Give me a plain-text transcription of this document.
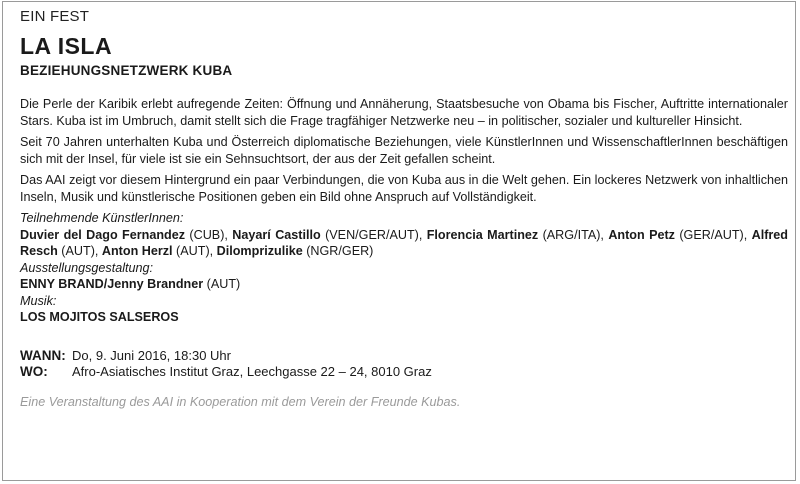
EIN FEST

LA ISLA
BEZIEHUNGSNETZWERK KUBA

Die Perle der Karibik erlebt aufregende Zeiten: Öffnung und Annäherung, Staatsbesuche von Obama bis Fischer, Auftritte internationaler Stars. Kuba ist im Umbruch, damit stellt sich die Frage tragfähiger Netzwerke neu – in politischer, sozialer und kultureller Hinsicht.

Seit 70 Jahren unterhalten Kuba und Österreich diplomatische Beziehungen, viele KünstlerInnen und WissenschaftlerInnen beschäftigen sich mit der Insel, für viele ist sie ein Sehnsuchtsort, der aus der Zeit gefallen scheint.

Das AAI zeigt vor diesem Hintergrund ein paar Verbindungen, die von Kuba aus in die Welt gehen. Ein lockeres Netzwerk von inhaltlichen Inseln, Musik und künstlerische Positionen geben ein Bild ohne Anspruch auf Vollständigkeit.

Teilnehmende KünstlerInnen:

Duvier del Dago Fernandez (CUB), Nayarí Castillo (VEN/GER/AUT), Florencia Martinez (ARG/ITA), Anton Petz (GER/AUT), Alfred Resch (AUT), Anton Herzl (AUT), Dilomprizulike (NGR/GER)

Ausstellungsgestaltung:

ENNY BRAND/Jenny Brandner (AUT)

Musik:

LOS MOJITOS SALSEROS

WANN: Do, 9. Juni 2016, 18:30 Uhr
WO: Afro-Asiatisches Institut Graz, Leechgasse 22 – 24, 8010 Graz

Eine Veranstaltung des AAI in Kooperation mit dem Verein der Freunde Kubas.
